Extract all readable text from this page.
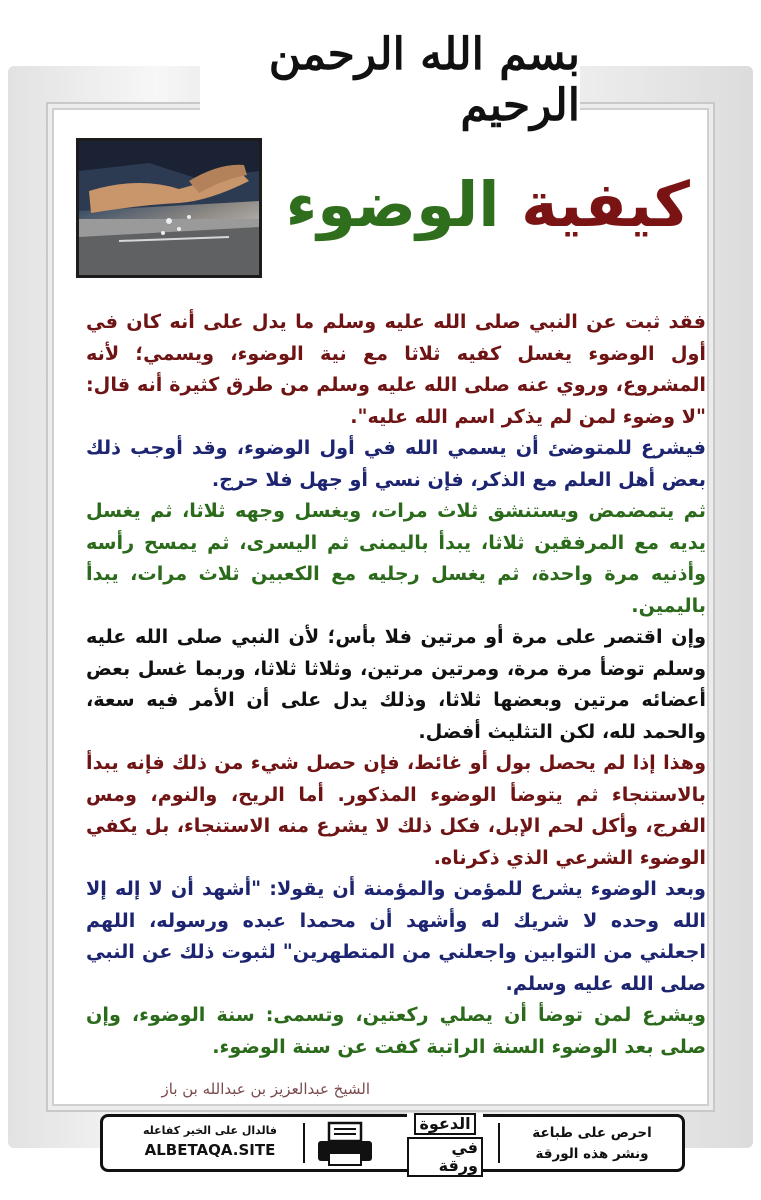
بسم الله الرحمن الرحيم
كيفية الوضوء

فقد ثبت عن النبي صلى الله عليه وسلم ما يدل على أنه كان في أول الوضوء يغسل كفيه ثلاثا مع نية الوضوء، ويسمي؛ لأنه المشروع، وروي عنه صلى الله عليه وسلم من طرق كثيرة أنه قال: "لا وضوء لمن لم يذكر اسم الله عليه".

فيشرع للمتوضئ أن يسمي الله في أول الوضوء، وقد أوجب ذلك بعض أهل العلم مع الذكر، فإن نسي أو جهل فلا حرج.

ثم يتمضمض ويستنشق ثلاث مرات، ويغسل وجهه ثلاثا، ثم يغسل يديه مع المرفقين ثلاثا، يبدأ باليمنى ثم اليسرى، ثم يمسح رأسه وأذنيه مرة واحدة، ثم يغسل رجليه مع الكعبين ثلاث مرات، يبدأ باليمين.

وإن اقتصر على مرة أو مرتين فلا بأس؛ لأن النبي صلى الله عليه وسلم توضأ مرة مرة، ومرتين مرتين، وثلاثا ثلاثا، وربما غسل بعض أعضائه مرتين وبعضها ثلاثا، وذلك يدل على أن الأمر فيه سعة، والحمد لله، لكن التثليث أفضل.

وهذا إذا لم يحصل بول أو غائط، فإن حصل شيء من ذلك فإنه يبدأ بالاستنجاء ثم يتوضأ الوضوء المذكور. أما الريح، والنوم، ومس الفرج، وأكل لحم الإبل، فكل ذلك لا يشرع منه الاستنجاء، بل يكفي الوضوء الشرعي الذي ذكرناه.

وبعد الوضوء يشرع للمؤمن والمؤمنة أن يقولا: "أشهد أن لا إله إلا الله وحده لا شريك له وأشهد أن محمدا عبده ورسوله، اللهم اجعلني من التوابين واجعلني من المتطهرين" لثبوت ذلك عن النبي صلى الله عليه وسلم.

ويشرع لمن توضأ أن يصلي ركعتين، وتسمى: سنة الوضوء، وإن صلى بعد الوضوء السنة الراتبة كفت عن سنة الوضوء.

الشيخ عبدالعزيز بن عبدالله بن باز
احرص على طباعة
ونشر هذه الورقة
الدعوة
في ورقة
فالدال على الخير كفاعله
ALBETAQA.SITE
